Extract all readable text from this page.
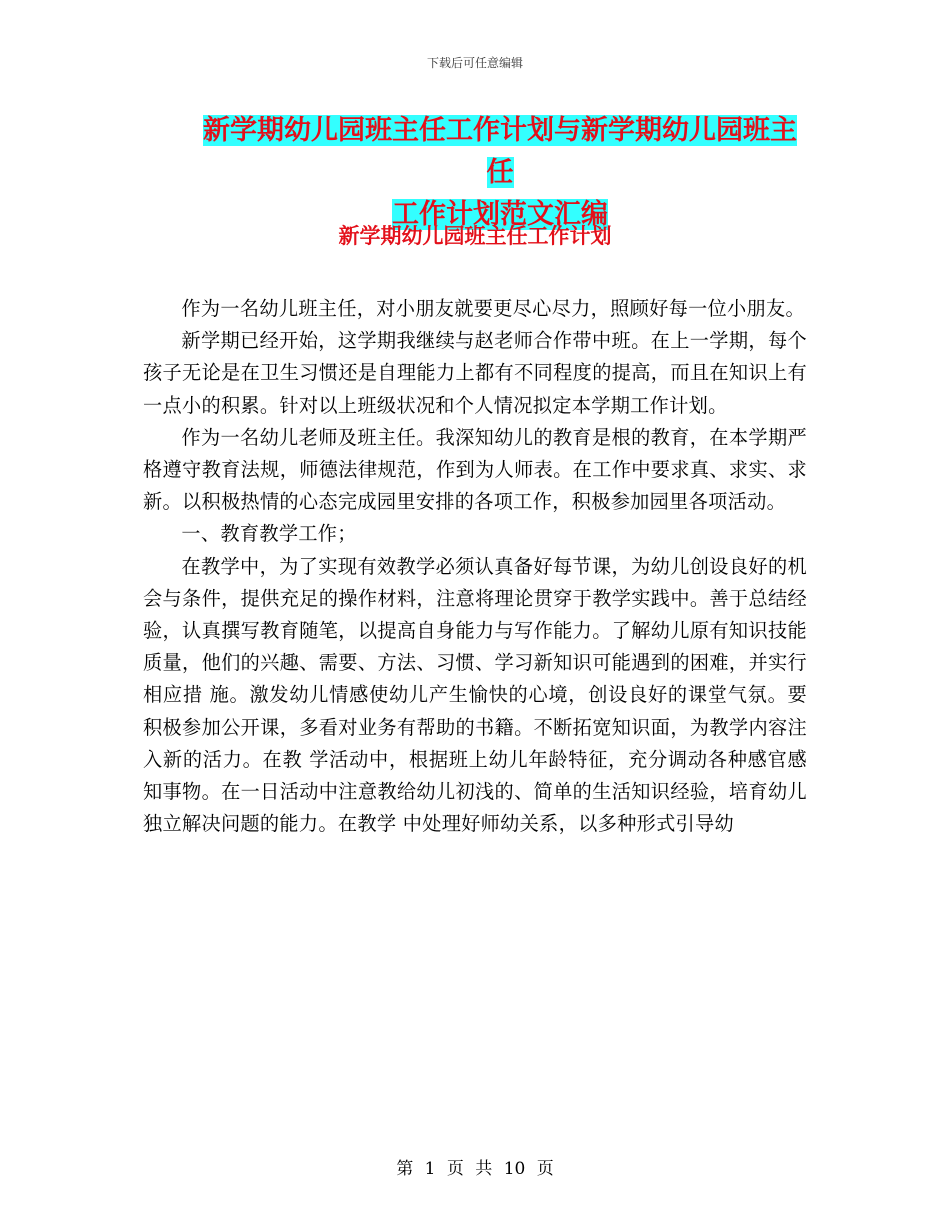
下载后可任意编辑
新学期幼儿园班主任工作计划与新学期幼儿园班主任
工作计划范文汇编
新学期幼儿园班主任工作计划

作为一名幼儿班主任，对小朋友就要更尽心尽力，照顾好每一位小朋友。

新学期已经开始，这学期我继续与赵老师合作带中班。在上一学期，每个孩子无论是在卫生习惯还是自理能力上都有不同程度的提高，而且在知识上有一点小的积累。针对以上班级状况和个人情况拟定本学期工作计划。

作为一名幼儿老师及班主任。我深知幼儿的教育是根的教育，在本学期严格遵守教育法规，师德法律规范，作到为人师表。在工作中要求真、求实、求新。以积极热情的心态完成园里安排的各项工作，积极参加园里各项活动。

一、教育教学工作；

在教学中，为了实现有效教学必须认真备好每节课，为幼儿创设良好的机会与条件，提供充足的操作材料，注意将理论贯穿于教学实践中。善于总结经 验，认真撰写教育随笔，以提高自身能力与写作能力。了解幼儿原有知识技能质量，他们的兴趣、需要、方法、习惯、学习新知识可能遇到的困难，并实行相应措 施。激发幼儿情感使幼儿产生愉快的心境，创设良好的课堂气氛。要积极参加公开课，多看对业务有帮助的书籍。不断拓宽知识面，为教学内容注入新的活力。在教 学活动中，根据班上幼儿年龄特征，充分调动各种感官感知事物。在一日活动中注意教给幼儿初浅的、简单的生活知识经验，培育幼儿独立解决问题的能力。在教学 中处理好师幼关系，以多种形式引导幼

第 1 页 共 10 页
